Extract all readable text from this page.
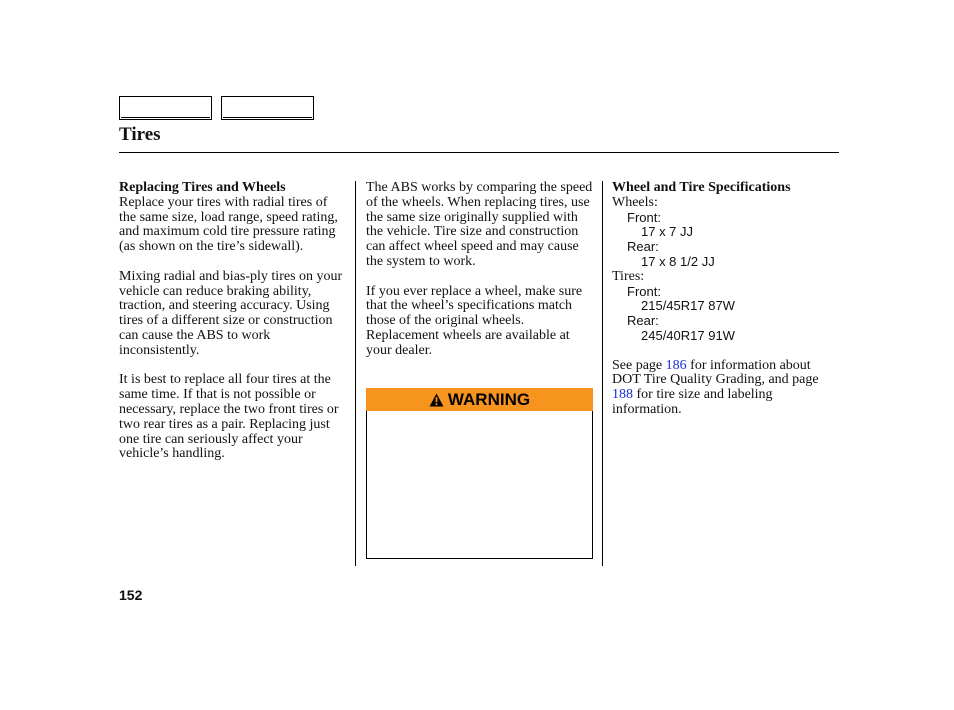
Tires
Replacing Tires and Wheels

Replace your tires with radial tires of the same size, load range, speed rating, and maximum cold tire pressure rating (as shown on the tire’s sidewall).

Mixing radial and bias-ply tires on your vehicle can reduce braking ability, traction, and steering accuracy. Using tires of a different size or construction can cause the ABS to work inconsistently.

It is best to replace all four tires at the same time. If that is not possible or necessary, replace the two front tires or two rear tires as a pair. Replacing just one tire can seriously affect your vehicle’s handling.

The ABS works by comparing the speed of the wheels. When replacing tires, use the same size originally supplied with the vehicle. Tire size and construction can affect wheel speed and may cause the system to work.

If you ever replace a wheel, make sure that the wheel’s specifications match those of the original wheels. Replacement wheels are available at your dealer.

WARNING
Wheel and Tire Specifications
Wheels:
Front:
17 x 7 JJ
Rear:
17 x 8 1/2 JJ
Tires:
Front:
215/45R17 87W
Rear:
245/40R17 91W

See page 186 for information about DOT Tire Quality Grading, and page 188 for tire size and labeling information.

152
